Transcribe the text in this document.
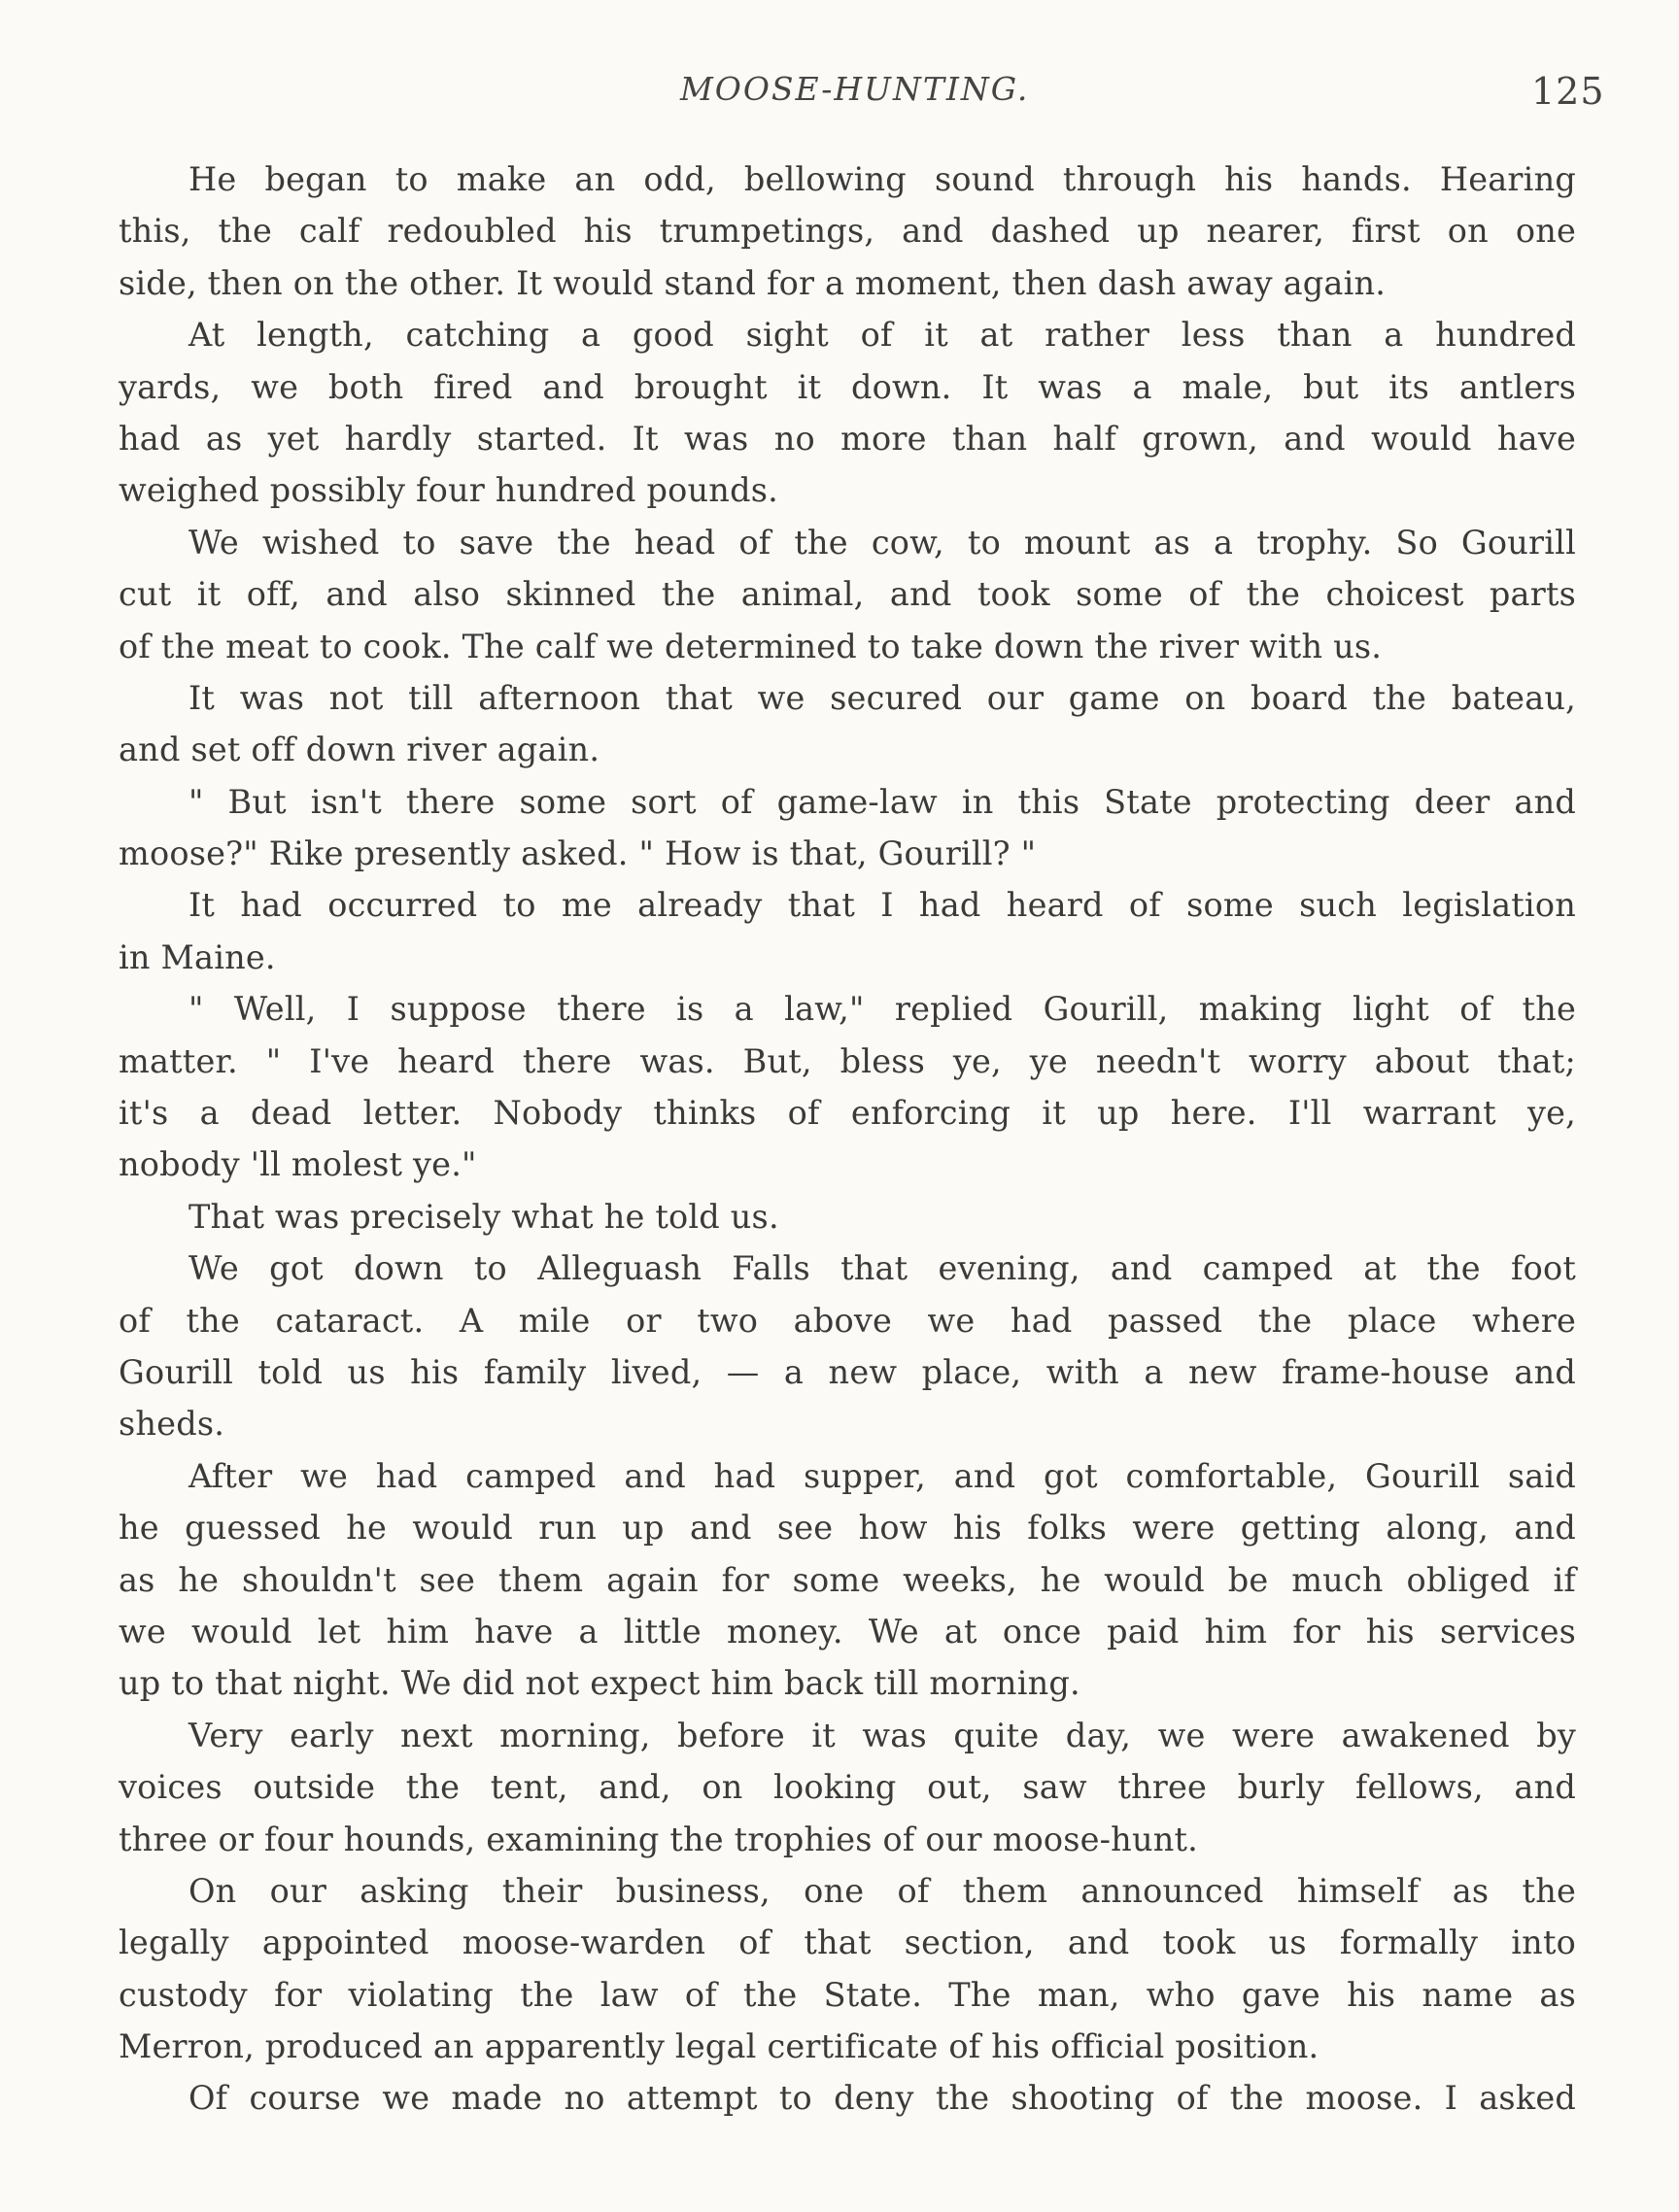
MOOSE-HUNTING.	125
He began to make an odd, bellowing sound through his hands. Hearing
this, the calf redoubled his trumpetings, and dashed up nearer, first on one
side, then on the other. It would stand for a moment, then dash away again.
At length, catching a good sight of it at rather less than a hundred
yards, we both fired and brought it down. It was a male, but its antlers
had as yet hardly started. It was no more than half grown, and would have
weighed possibly four hundred pounds.
We wished to save the head of the cow, to mount as a trophy. So Gourill
cut it off, and also skinned the animal, and took some of the choicest parts
of the meat to cook. The calf we determined to take down the river with us.
It was not till afternoon that we secured our game on board the bateau,
and set off down river again.
" But isn't there some sort of game-law in this State protecting deer and
moose?" Rike presently asked. " How is that, Gourill? "
It had occurred to me already that I had heard of some such legislation
in Maine.
" Well, I suppose there is a law," replied Gourill, making light of the
matter. " I've heard there was. But, bless ye, ye needn't worry about that;
it's a dead letter. Nobody thinks of enforcing it up here. I'll warrant ye,
nobody 'll molest ye."
That was precisely what he told us.
We got down to Alleguash Falls that evening, and camped at the foot
of the cataract. A mile or two above we had passed the place where
Gourill told us his family lived, — a new place, with a new frame-house and
sheds.
After we had camped and had supper, and got comfortable, Gourill said
he guessed he would run up and see how his folks were getting along, and
as he shouldn't see them again for some weeks, he would be much obliged if
we would let him have a little money. We at once paid him for his services
up to that night. We did not expect him back till morning.
Very early next morning, before it was quite day, we were awakened by
voices outside the tent, and, on looking out, saw three burly fellows, and
three or four hounds, examining the trophies of our moose-hunt.
On our asking their business, one of them announced himself as the
legally appointed moose-warden of that section, and took us formally into
custody for violating the law of the State. The man, who gave his name as
Merron, produced an apparently legal certificate of his official position.
Of course we made no attempt to deny the shooting of the moose. I asked
